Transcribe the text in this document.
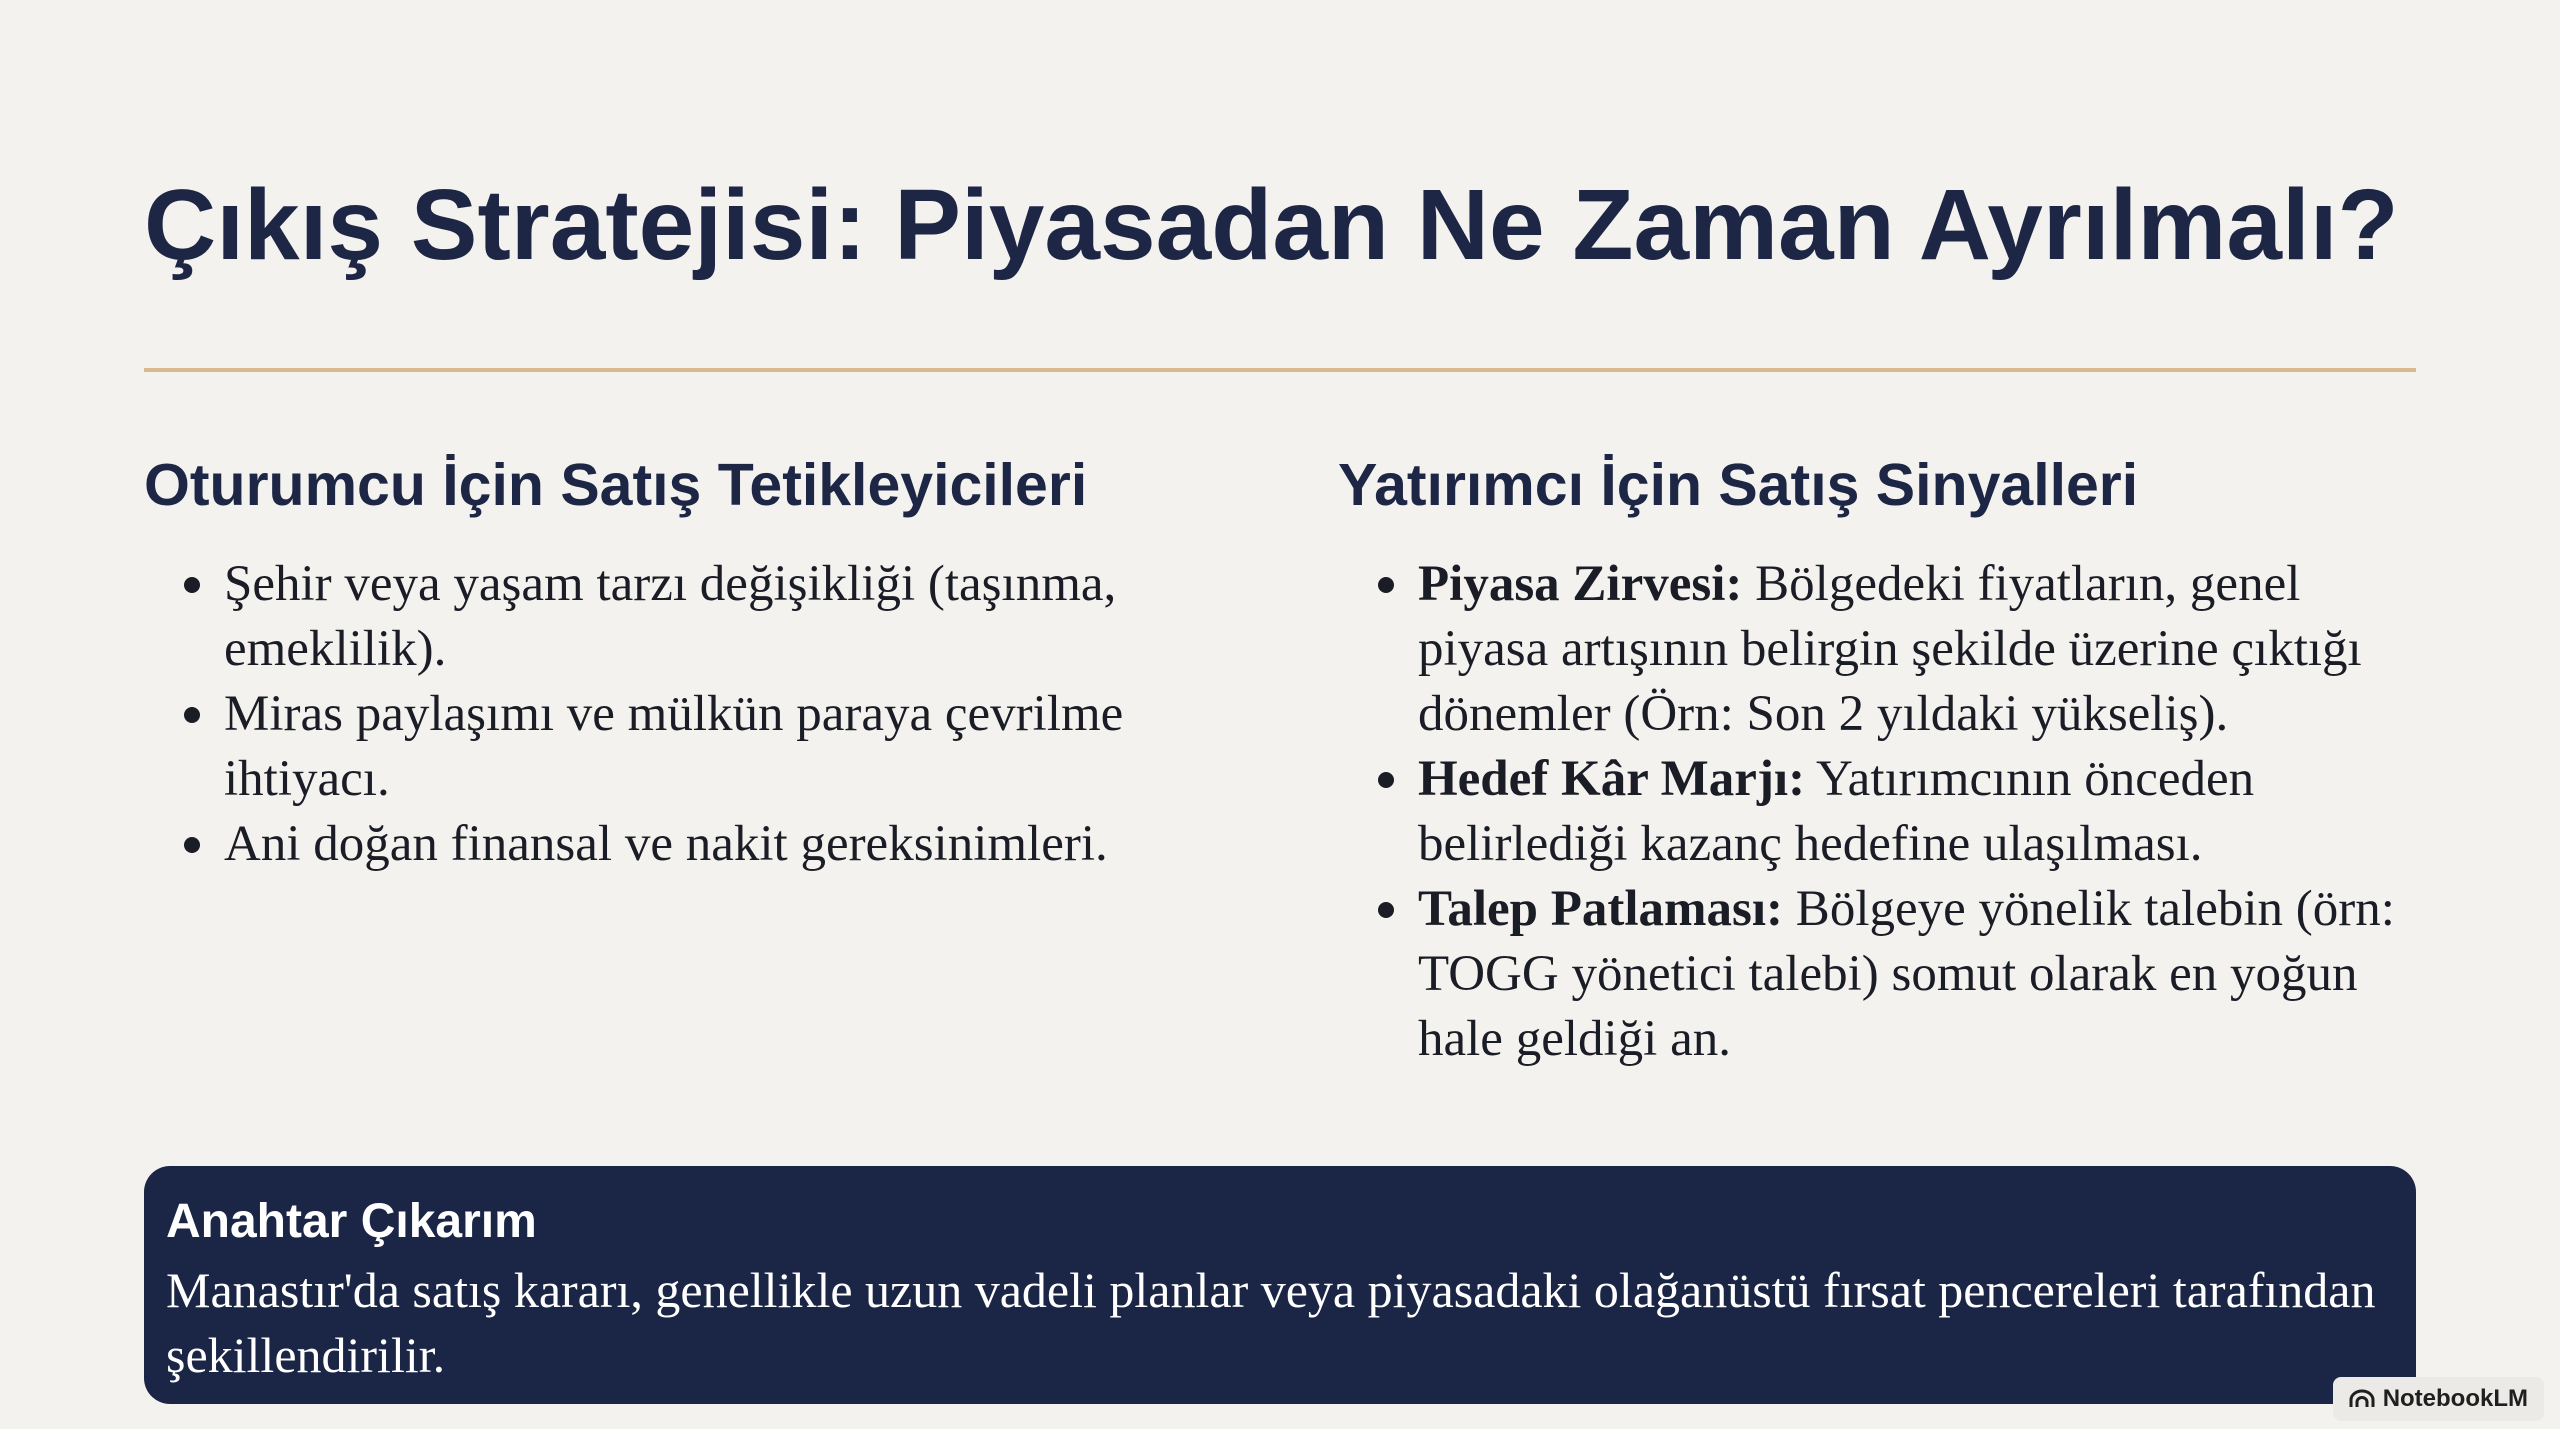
Çıkış Stratejisi: Piyasadan Ne Zaman Ayrılmalı?
Oturumcu İçin Satış Tetikleyicileri
Şehir veya yaşam tarzı değişikliği (taşınma, emeklilik).
Miras paylaşımı ve mülkün paraya çevrilme ihtiyacı.
Ani doğan finansal ve nakit gereksinimleri.
Yatırımcı İçin Satış Sinyalleri
Piyasa Zirvesi: Bölgedeki fiyatların, genel piyasa artışının belirgin şekilde üzerine çıktığı dönemler (Örn: Son 2 yıldaki yükseliş).
Hedef Kâr Marjı: Yatırımcının önceden belirlediği kazanç hedefine ulaşılması.
Talep Patlaması: Bölgeye yönelik talebin (örn: TOGG yönetici talebi) somut olarak en yoğun hale geldiği an.
Anahtar Çıkarım

Manastır'da satış kararı, genellikle uzun vadeli planlar veya piyasadaki olağanüstü fırsat pencereleri tarafından şekillendirilir.

NotebookLM
